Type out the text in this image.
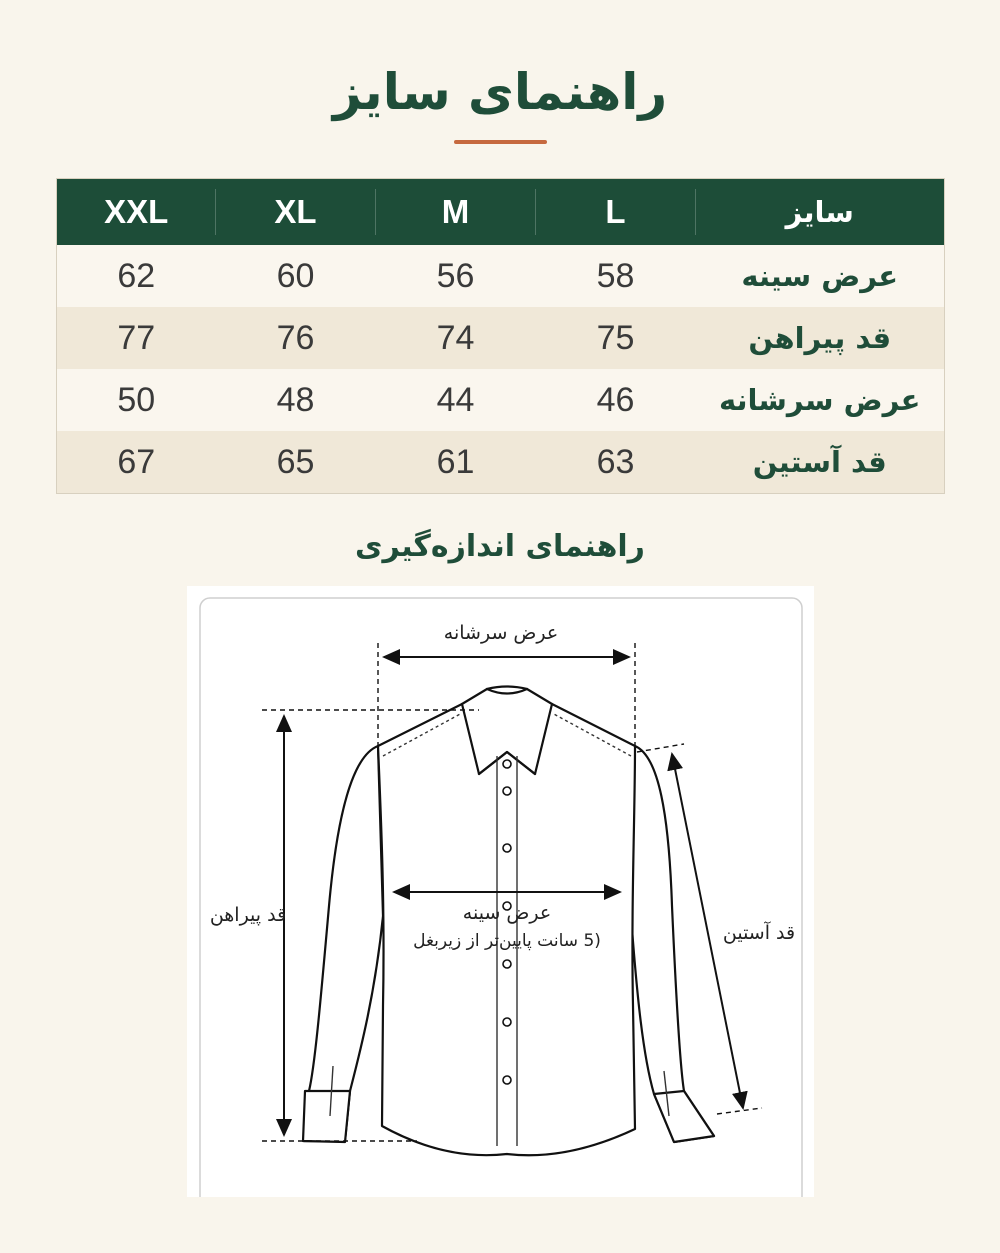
راهنمای سایز
XXL	XL	M	L	سایز
62	60	56	58	عرض سینه
77	76	74	75	قد پیراهن
50	48	44	46	عرض سرشانه
67	65	61	63	قد آستین
راهنمای اندازه‌گیری
عرض سرشانه
قد پیراهن	عرض سینه
(5 سانت پایین‌تر از زیربغل	قد آستین
